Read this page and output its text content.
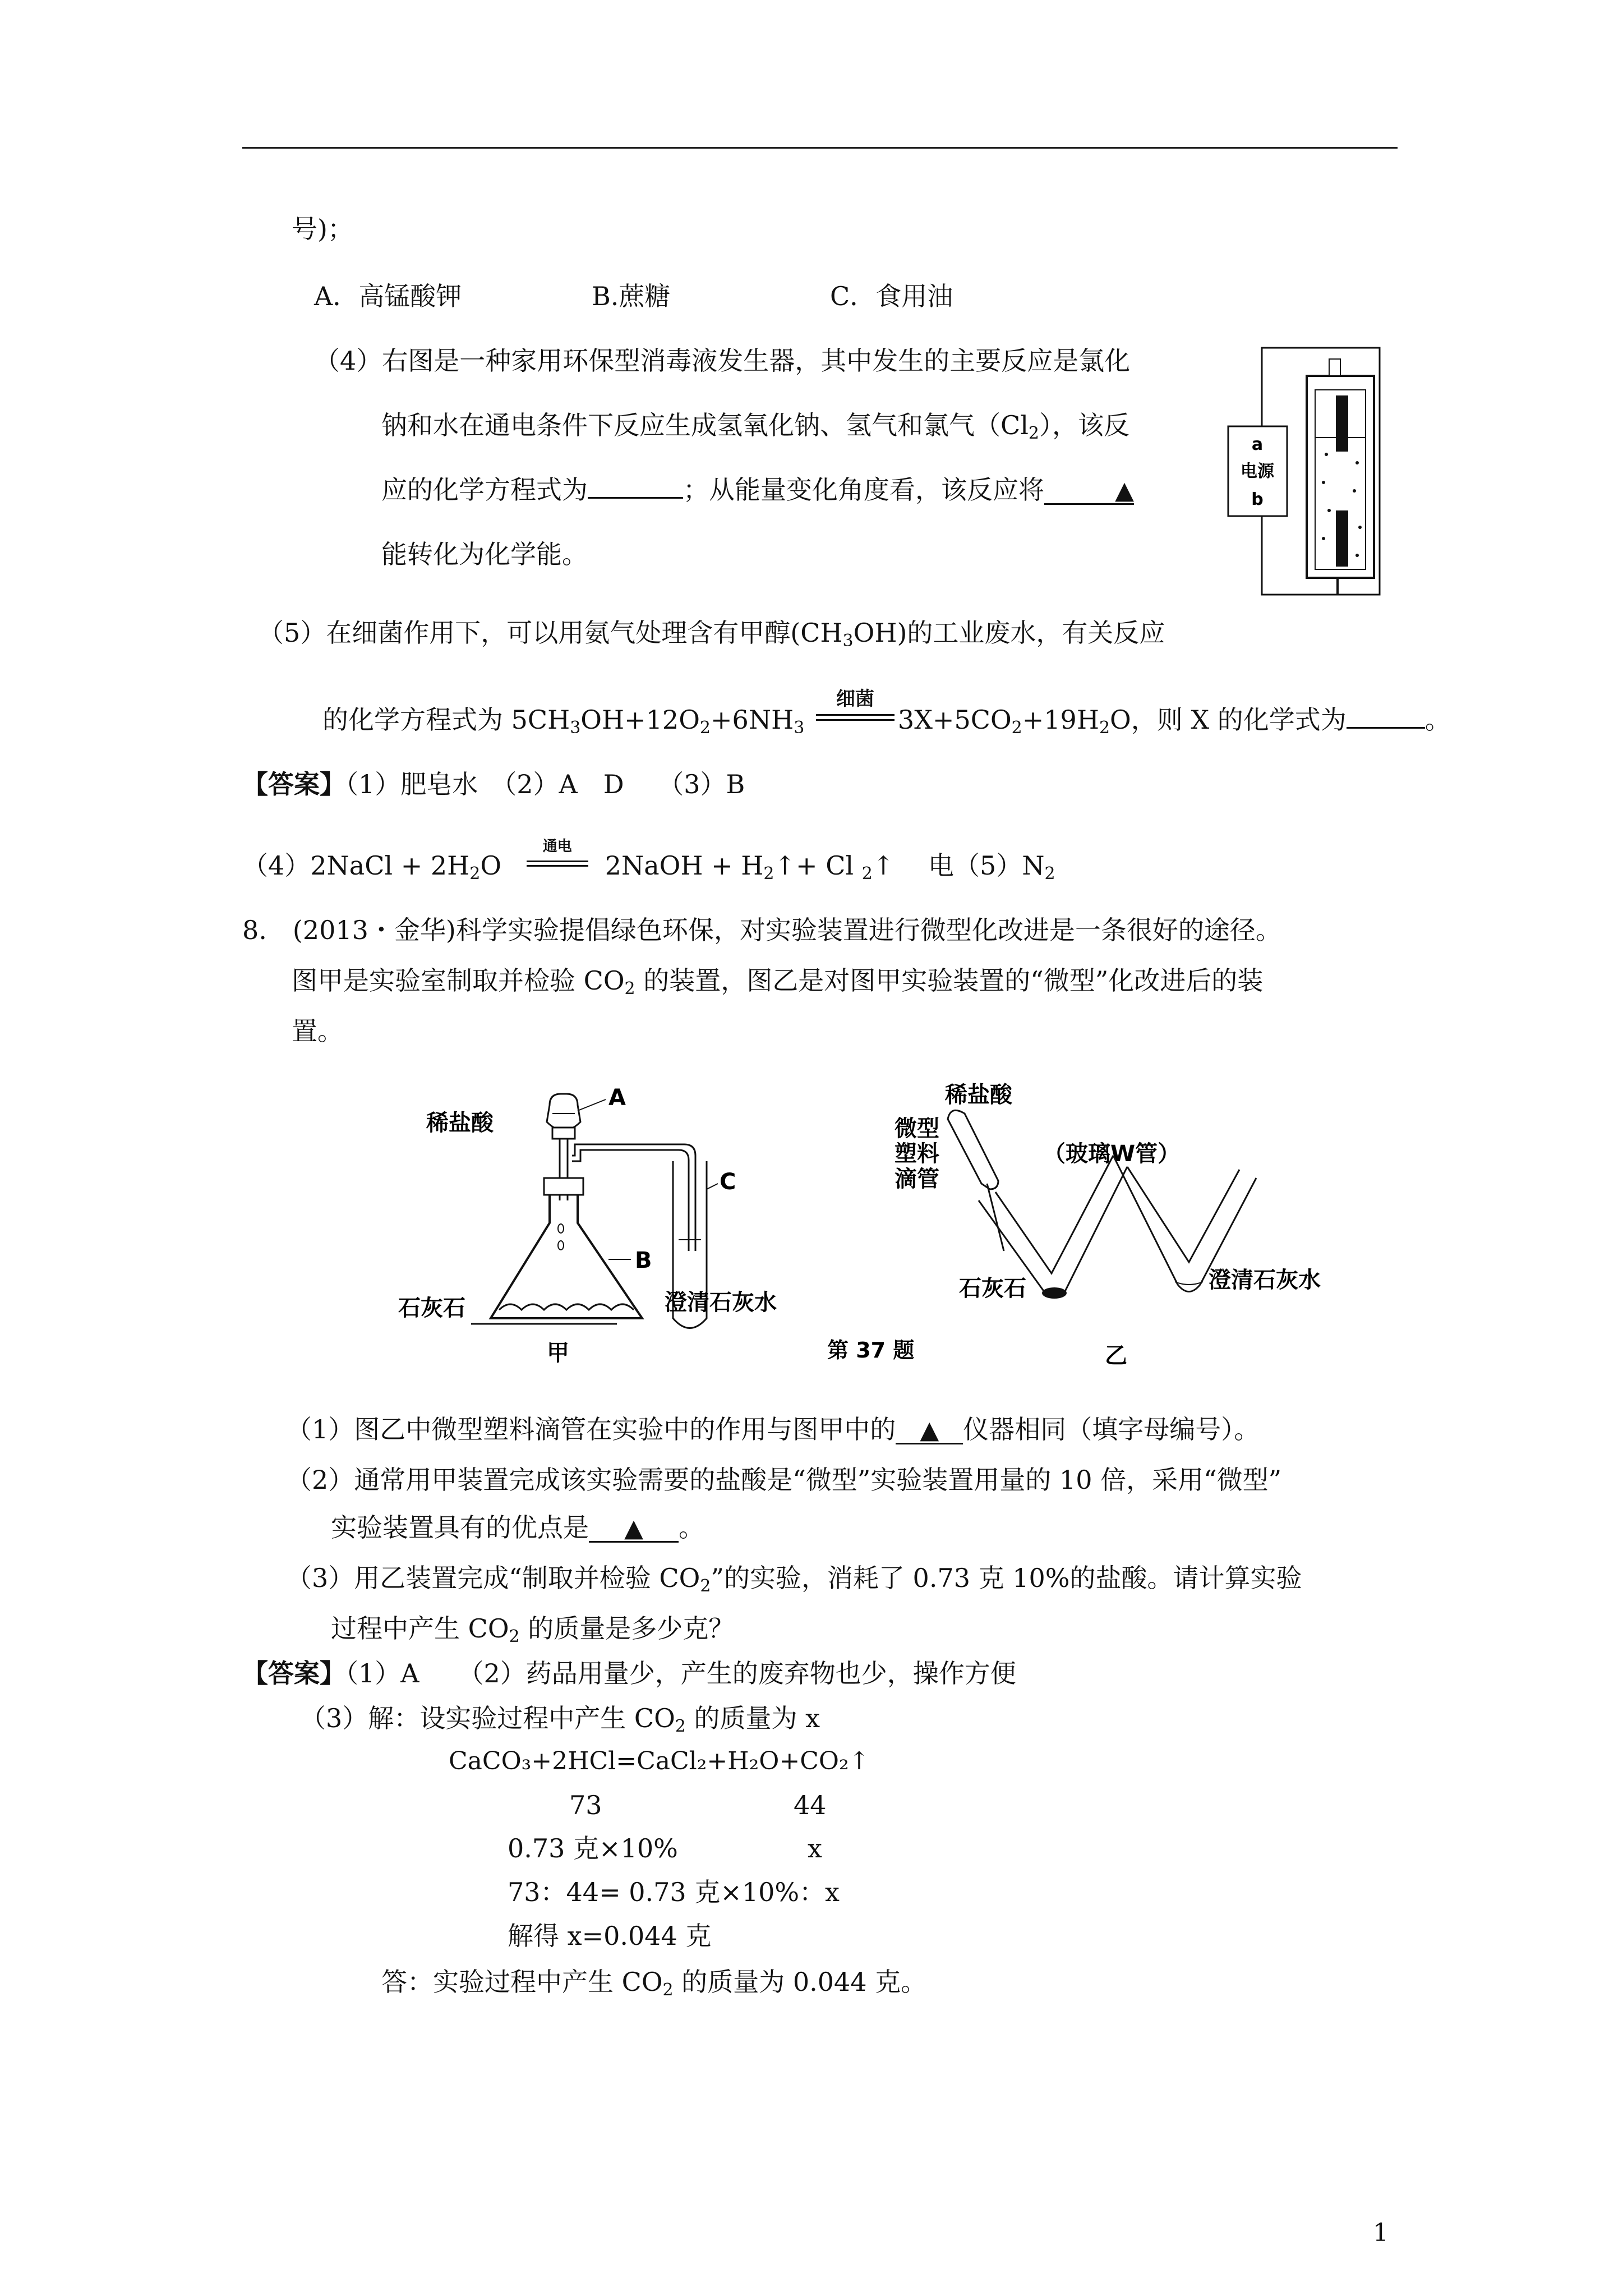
号)；
A．高锰酸钾	B.蔗糖	C．食用油
（4）右图是一种家用环保型消毒液发生器，其中发生的主要反应是氯化
钠和水在通电条件下反应生成氢氧化钠、氢气和氯气$(Cl_2)$，该反
应的化学方程式为	；从能量变化角度看，该反应将	▲
能转化为化学能。
（5）在细菌作用下，可以用氨气处理含有甲醇$(CH_3OH)$的工业废水，有关反应
的化学方程式为 $5CH_3OH+12O_2+6NH_3$
细菌
$3X+5CO_2+19H_2O$，则 X 的化学式为	。
【答案】（1）肥皂水　（2）A　D　 （3）B
（4）2NaCl + $2H_2O$
通电
2NaOH + $H_2↑+ Cl$ $_2$↑　 电$(5)N_2$
8.　(2013・金华)科学实验提倡绿色环保，对实验装置进行微型化改进是一条很好的途径。
图甲是实验室制取并检验 $CO_2$ 的装置，图乙是对图甲实验装置的“微型”化改进后的装
置。
a
电源
b
稀盐酸
A
B
石灰石
甲
C
澄清石灰水
第 37 题
稀盐酸
微型
塑料
滴管
（玻璃W管）
石灰石	澄清石灰水
乙
（1）图乙中微型塑料滴管在实验中的作用与图甲中的 ▲ 仪器相同（填字母编号）。
（2）通常用甲装置完成该实验需要的盐酸是“微型”实验装置用量的 10 倍，采用“微型”
实验装置具有的优点是 ▲ 。
（3）用乙装置完成“制取并检验 $CO_2$”的实验，消耗了 0.73 克 10%的盐酸。请计算实验
过程中产生 $CO_2$ 的质量是多少克？
【答案】（1）A　　（2）药品用量少，产生的废弃物也少，操作方便
（3）解：设实验过程中产生 $CO_2$ 的质量为 x
CaCO₃+2HCl=CaCl₂+H₂O+CO₂↑
73	44
0.73 克×10%	x
73：44= 0.73 克×10%：x
解得 x=0.044 克
答：实验过程中产生 $CO_2$ 的质量为 0.044 克。
1
